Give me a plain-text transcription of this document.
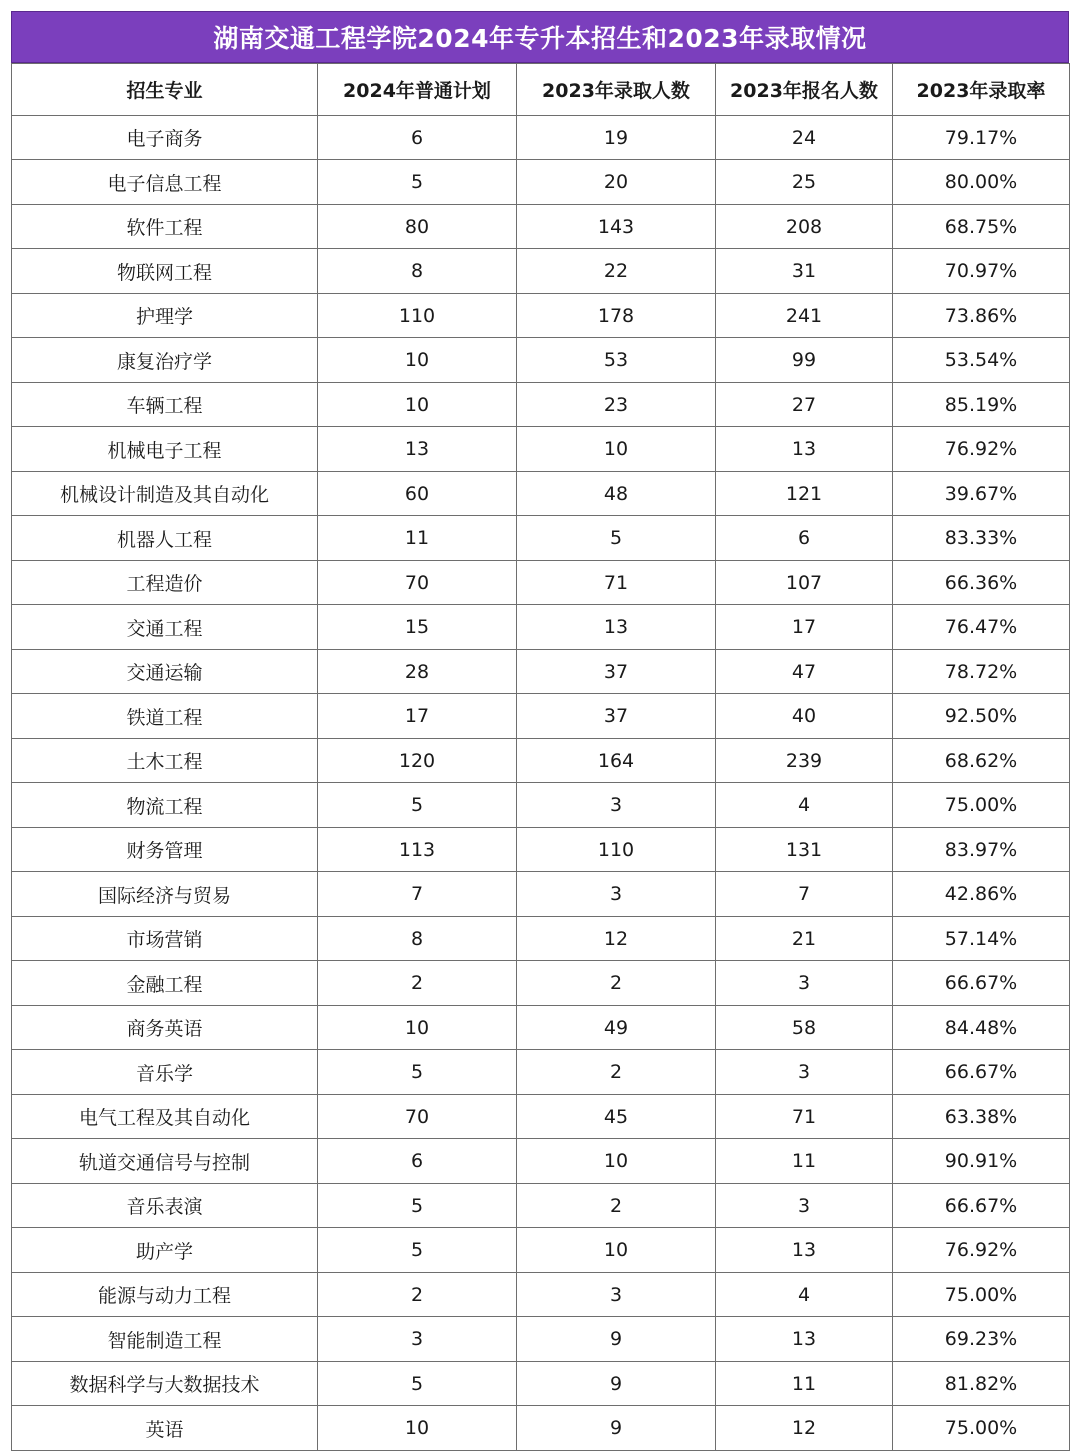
湖南交通工程学院2024年专升本招生和2023年录取情况
招生专业	2024年普通计划	2023年录取人数	2023年报名人数	2023年录取率
电子商务	6	19	24	79.17%
电子信息工程	5	20	25	80.00%
软件工程	80	143	208	68.75%
物联网工程	8	22	31	70.97%
护理学	110	178	241	73.86%
康复治疗学	10	53	99	53.54%
车辆工程	10	23	27	85.19%
机械电子工程	13	10	13	76.92%
机械设计制造及其自动化	60	48	121	39.67%
机器人工程	11	5	6	83.33%
工程造价	70	71	107	66.36%
交通工程	15	13	17	76.47%
交通运输	28	37	47	78.72%
铁道工程	17	37	40	92.50%
土木工程	120	164	239	68.62%
物流工程	5	3	4	75.00%
财务管理	113	110	131	83.97%
国际经济与贸易	7	3	7	42.86%
市场营销	8	12	21	57.14%
金融工程	2	2	3	66.67%
商务英语	10	49	58	84.48%
音乐学	5	2	3	66.67%
电气工程及其自动化	70	45	71	63.38%
轨道交通信号与控制	6	10	11	90.91%
音乐表演	5	2	3	66.67%
助产学	5	10	13	76.92%
能源与动力工程	2	3	4	75.00%
智能制造工程	3	9	13	69.23%
数据科学与大数据技术	5	9	11	81.82%
英语	10	9	12	75.00%
